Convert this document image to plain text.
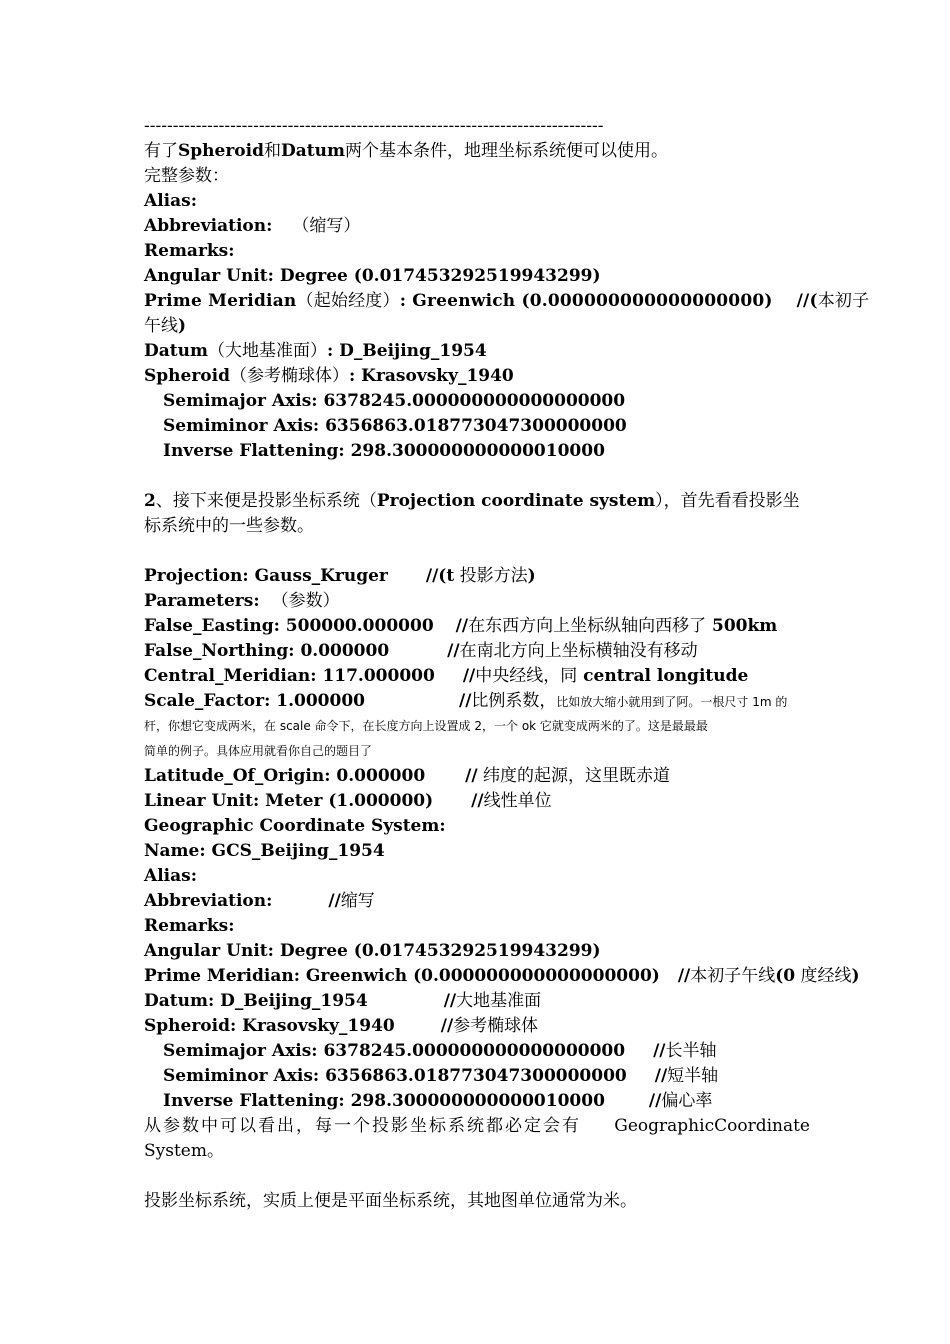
--------------------------------------------------------------------------------
有了Spheroid和Datum两个基本条件，地理坐标系统便可以使用。
完整参数：
Alias:
Abbreviation: （缩写）
Remarks:
Angular Unit: Degree (0.017453292519943299)
Prime Meridian（起始经度）: Greenwich (0.000000000000000000) //(本初子
午线)
Datum（大地基准面）: D_Beijing_1954
Spheroid（参考椭球体）: Krasovsky_1940
Semimajor Axis: 6378245.000000000000000000
Semiminor Axis: 6356863.018773047300000000
Inverse Flattening: 298.300000000000010000
2、接下来便是投影坐标系统（Projection coordinate system），首先看看投影坐
标系统中的一些参数。
Projection: Gauss_Kruger //(t 投影方法)
Parameters: （参数）
False_Easting: 500000.000000 //在东西方向上坐标纵轴向西移了 500km
False_Northing: 0.000000	//在南北方向上坐标横轴没有移动
Central_Meridian: 117.000000 //中央经线，同 central longitude
Scale_Factor: 1.000000	//比例系数，比如放大缩小就用到了阿。一根尺寸 1m 的
杆，你想它变成两米，在 scale 命令下，在长度方向上设置成 2，一个 ok 它就变成两米的了。这是最最最
简单的例子。具体应用就看你自己的题目了
Latitude_Of_Origin: 0.000000 // 纬度的起源，这里既赤道
Linear Unit: Meter (1.000000) //线性单位
Geographic Coordinate System:
Name: GCS_Beijing_1954
Alias:
Abbreviation:	//缩写
Remarks:
Angular Unit: Degree (0.017453292519943299)
Prime Meridian: Greenwich (0.000000000000000000) //本初子午线(0 度经线)
Datum: D_Beijing_1954	//大地基准面
Spheroid: Krasovsky_1940	//参考椭球体
Semimajor Axis: 6378245.000000000000000000 //长半轴
Semiminor Axis: 6356863.018773047300000000 //短半轴
Inverse Flattening: 298.300000000000010000	//偏心率
从参数中可以看出，每一个投影坐标系统都必定会有 GeographicCoordinate
System。
投影坐标系统，实质上便是平面坐标系统，其地图单位通常为米。
